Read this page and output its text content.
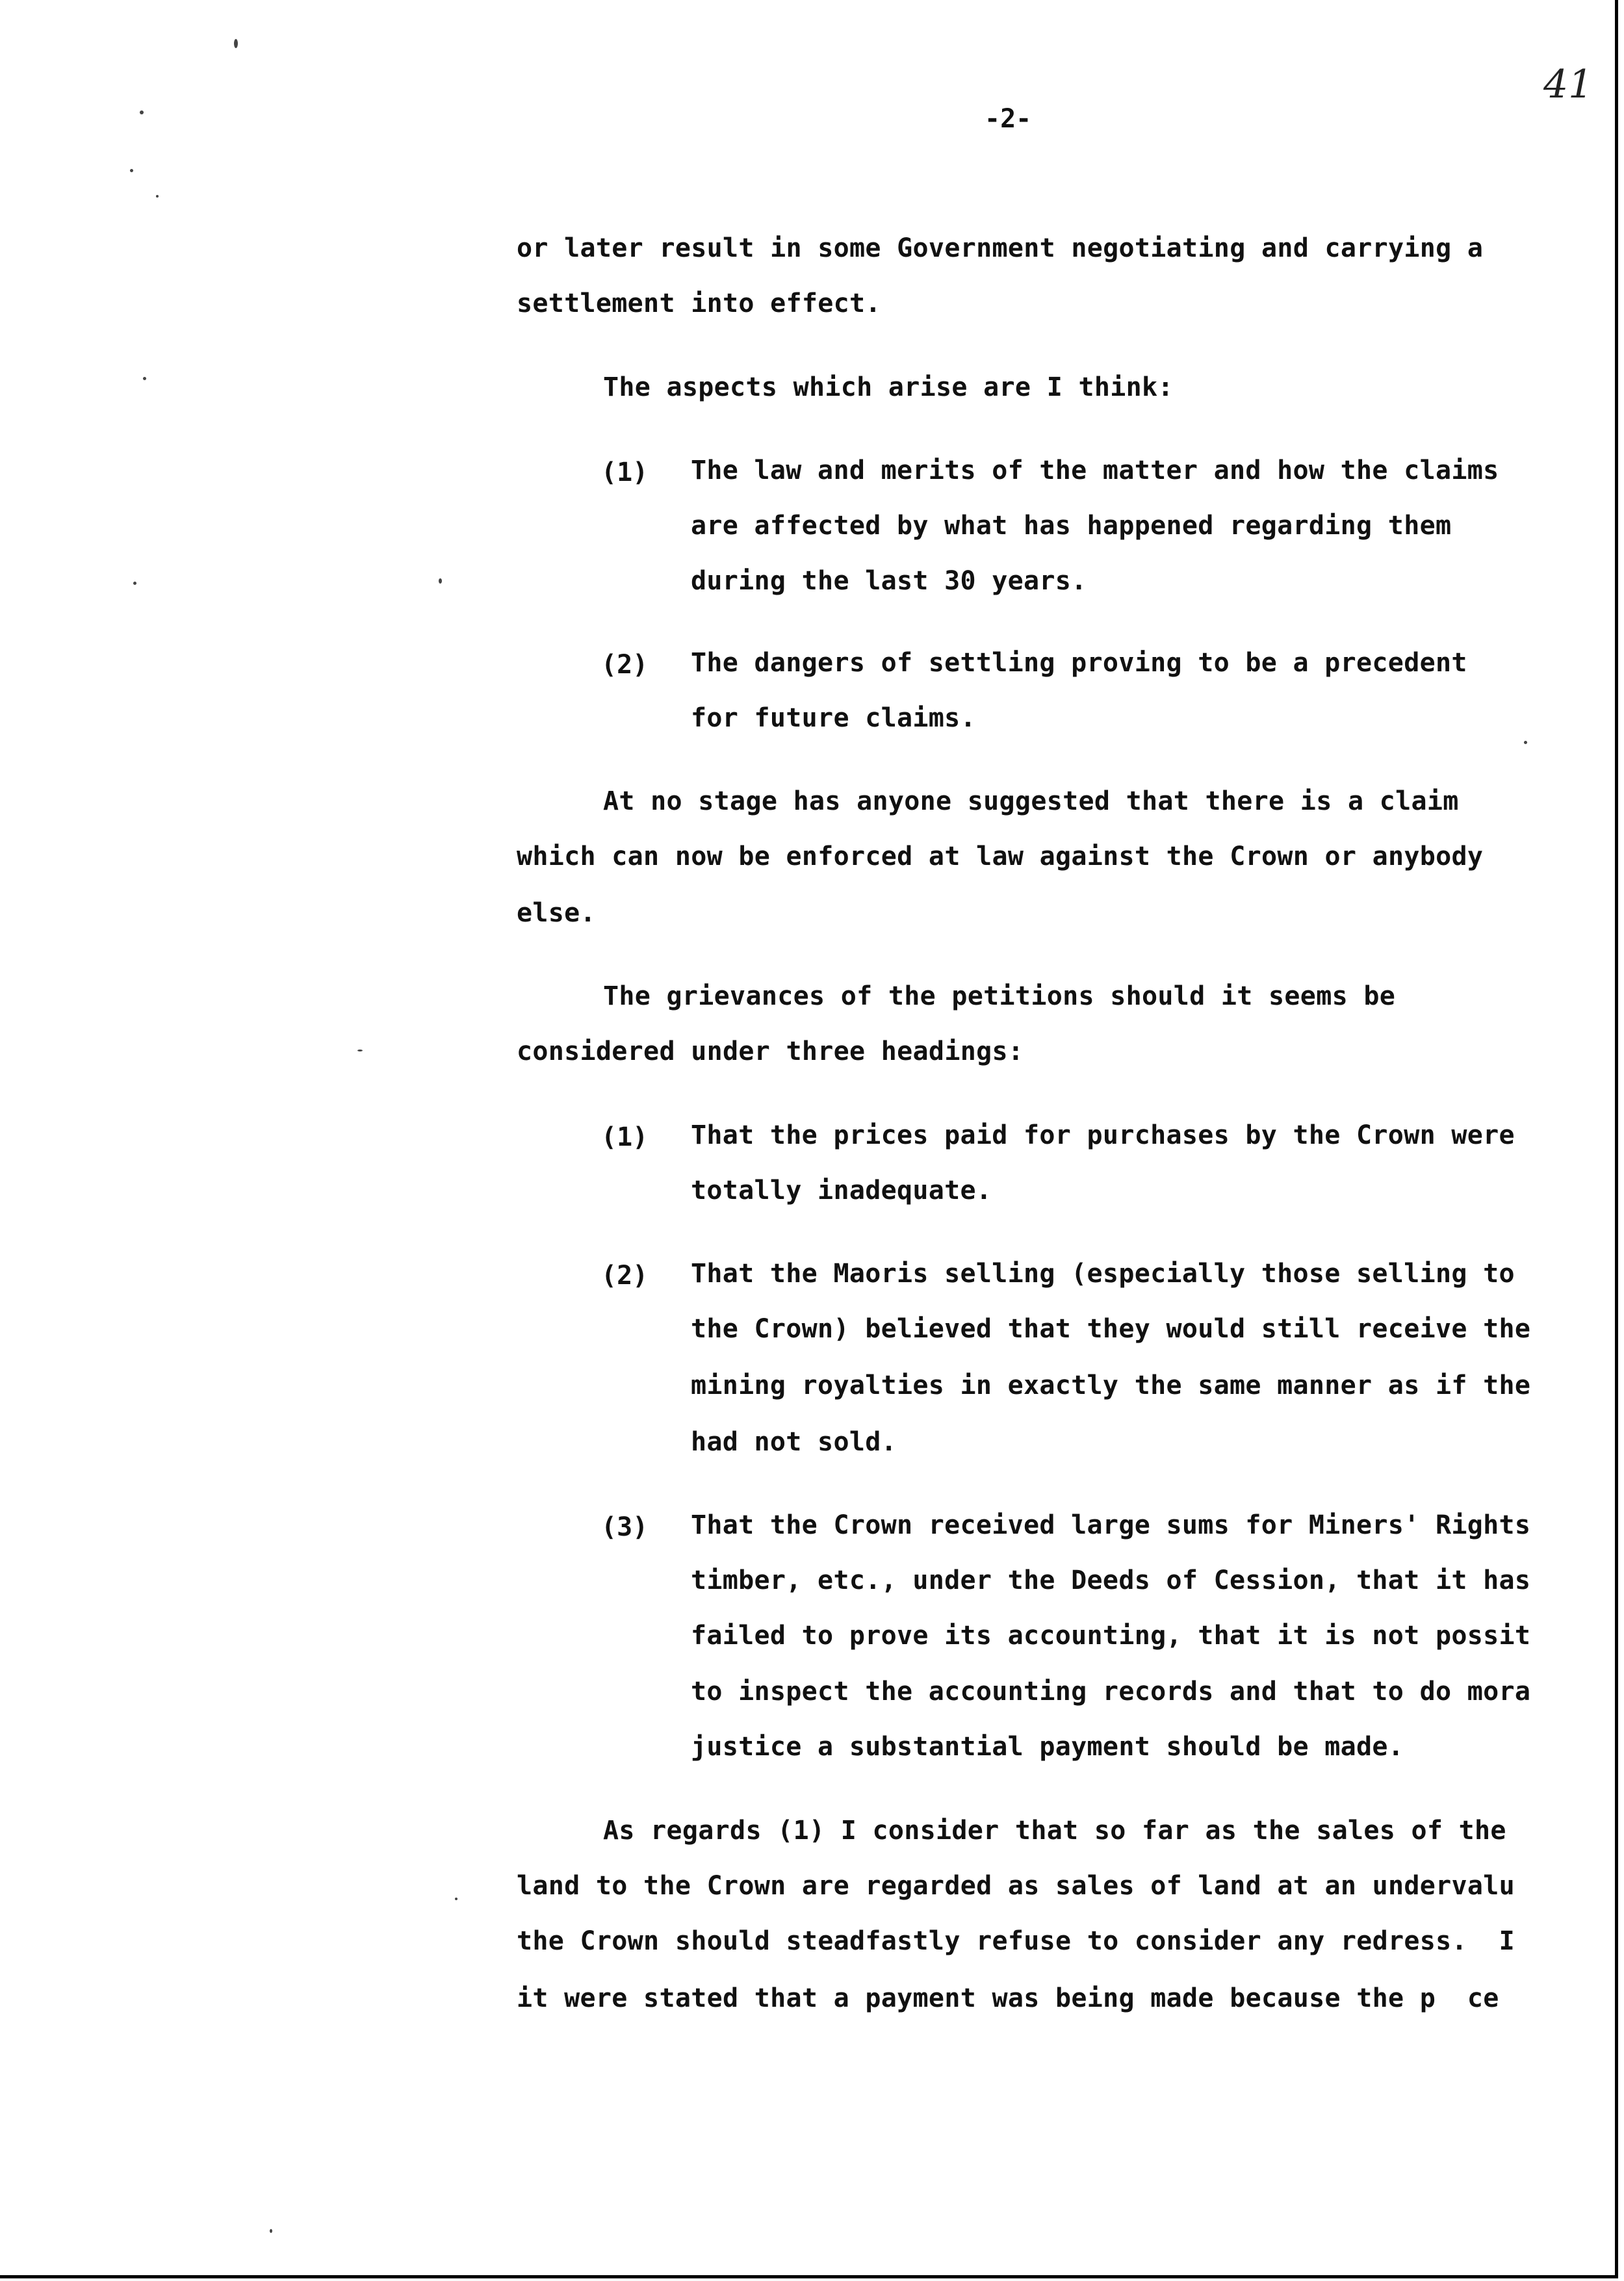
41
-2-
or later result in some Government negotiating and carrying a
settlement into effect.
The aspects which arise are I think:
(1) The law and merits of the matter and how the claims
are affected by what has happened regarding them
during the last 30 years.
(2) The dangers of settling proving to be a precedent
for future claims.
At no stage has anyone suggested that there is a claim
which can now be enforced at law against the Crown or anybody
else.
The grievances of the petitions should it seems be
considered under three headings:
(1) That the prices paid for purchases by the Crown were
totally inadequate.
(2) That the Maoris selling (especially those selling to
the Crown) believed that they would still receive the
mining royalties in exactly the same manner as if the
had not sold.
(3) That the Crown received large sums for Miners' Rights
timber, etc., under the Deeds of Cession, that it has
failed to prove its accounting, that it is not possit
to inspect the accounting records and that to do mora
justice a substantial payment should be made.
As regards (1) I consider that so far as the sales of the
land to the Crown are regarded as sales of land at an undervalu
the Crown should steadfastly refuse to consider any redress.  I
it were stated that a payment was being made because the p  ce
